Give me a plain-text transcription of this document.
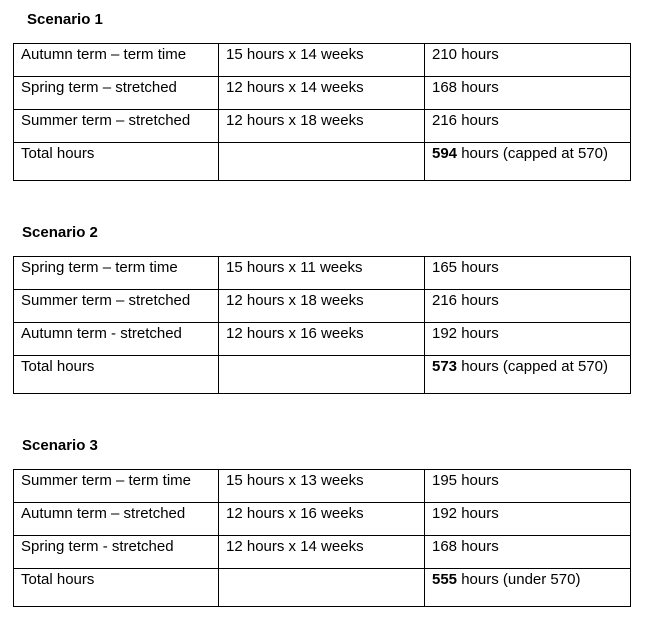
Scenario 1
Autumn term – term time	15 hours x 14 weeks	210 hours
Spring term – stretched	12 hours x 14 weeks	168 hours
Summer term – stretched	12 hours x 18 weeks	216 hours
Total hours		594 hours (capped at 570)
Scenario 2
Spring term – term time	15 hours x 11 weeks	165 hours
Summer term – stretched	12 hours x 18 weeks	216 hours
Autumn term - stretched	12 hours x 16 weeks	192 hours
Total hours		573 hours (capped at 570)
Scenario 3
Summer term – term time	15 hours x 13 weeks	195 hours
Autumn term – stretched	12 hours x 16 weeks	192 hours
Spring term - stretched	12 hours x 14 weeks	168 hours
Total hours		555 hours (under 570)
